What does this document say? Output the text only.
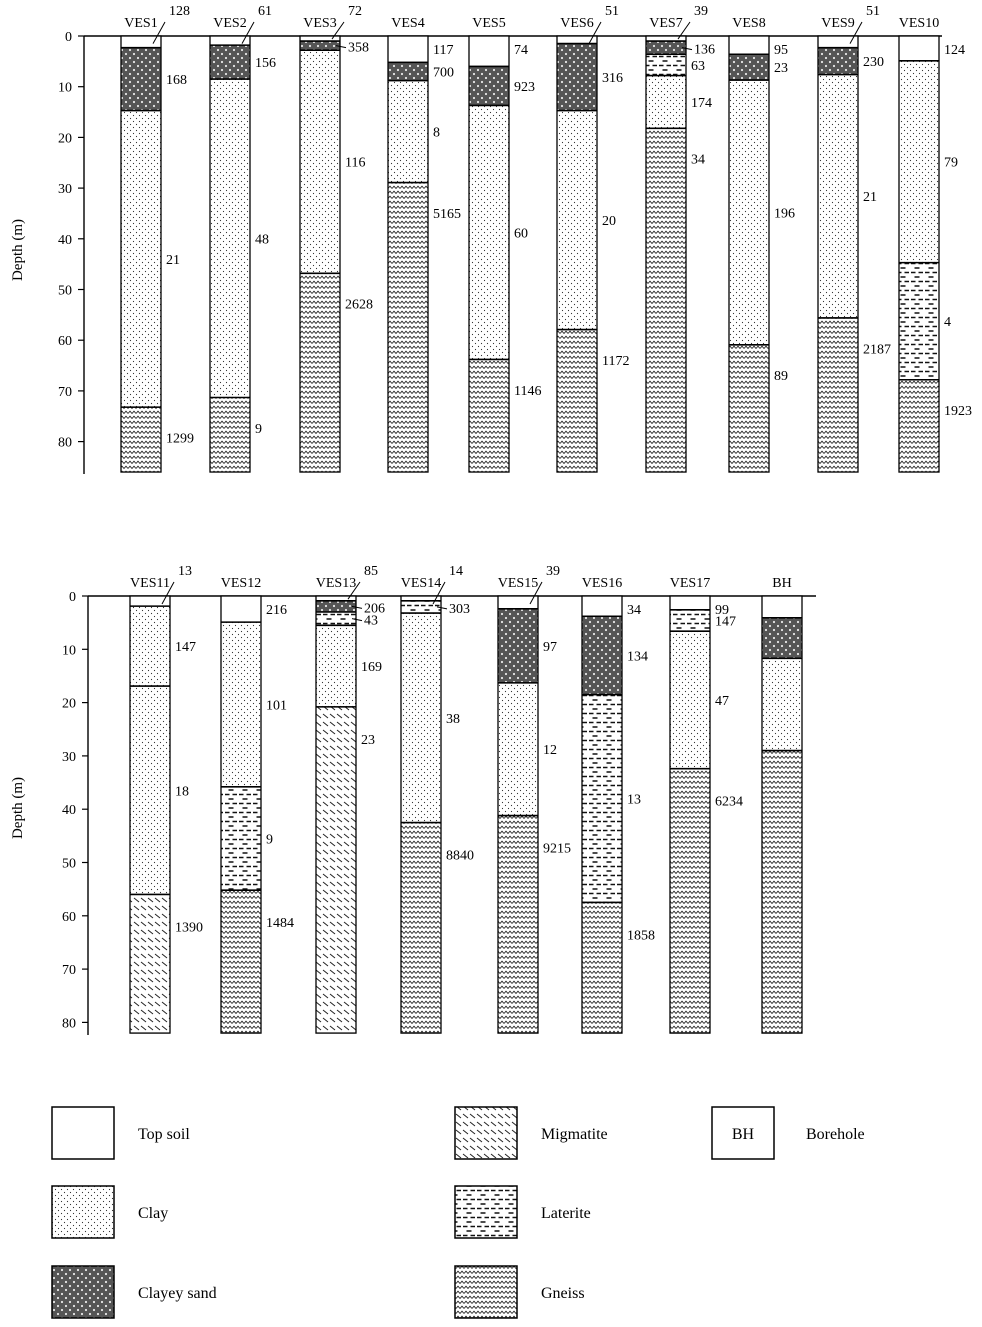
Depth (m)
0
10
20
30
40
50
60
70
80
VES1
128
168
21
1299
VES2
61
156
48
9
VES3
72
358
116
2628
VES4
117
700
8
5165
VES5
74
923
60
1146
VES6
51
316
20
1172
VES7
39
136
63
174
34
VES8
95
23
196
89
VES9
51
230
21
2187
VES10
124
79
4
1923
Depth (m)
0
10
20
30
40
50
60
70
80
VES11
13
147
18
1390
VES12
216
101
9
1484
VES13
85
206
43
169
23
VES14
14
303
38
8840
VES15
39
97
12
9215
VES16
34
134
13
1858
VES17
99
147
47
6234
BH
Top soil
Clay
Clayey sand
Migmatite
Laterite
Gneiss
BH	Borehole
